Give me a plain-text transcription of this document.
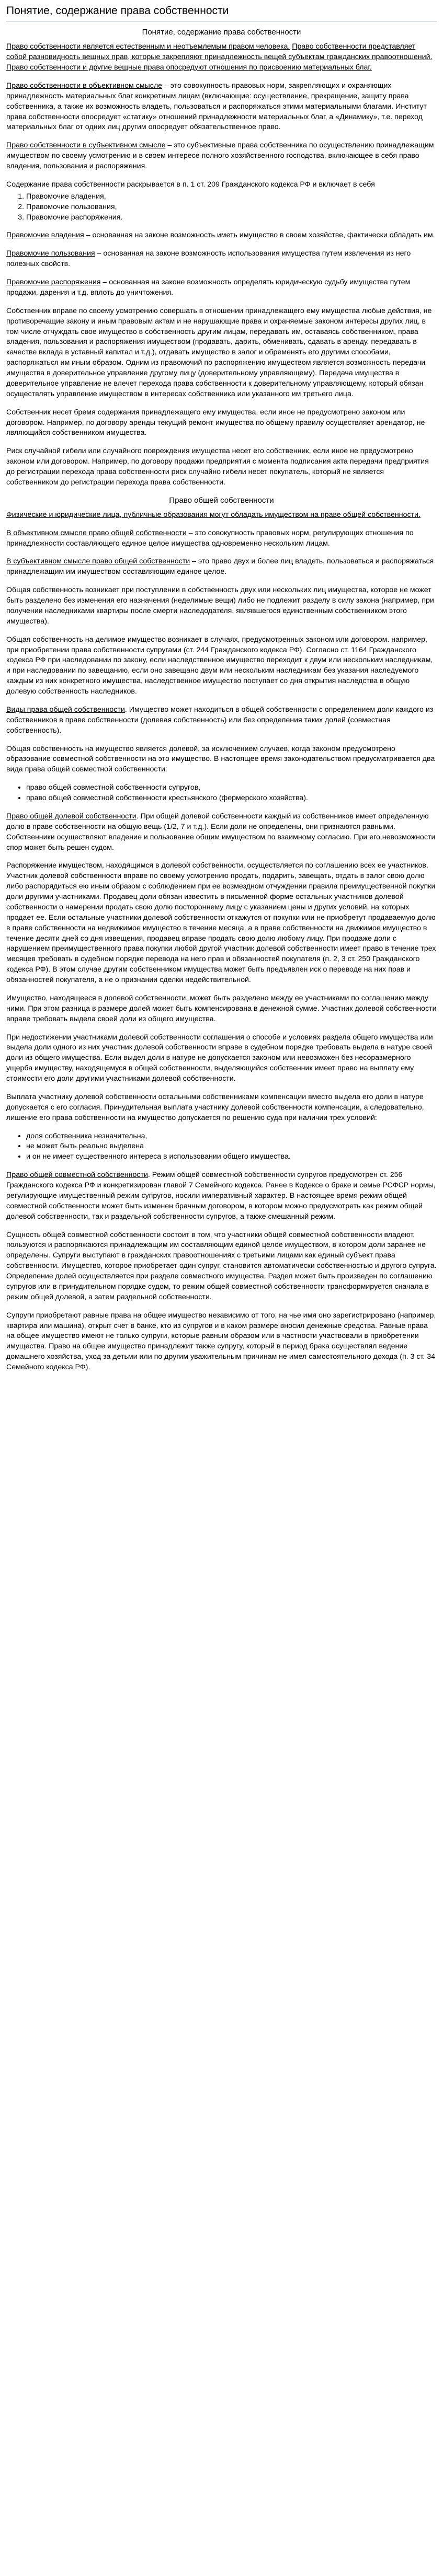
Понятие, содержание права собственности
Понятие, содержание права собственности

Право собственности является естественным и неотъемлемым правом человека. Право собственности представляет собой разновидность вещных прав, которые закрепляют принадлежность вещей субъектам гражданских правоотношений. Право собственности и другие вещные права опосредуют отношения по присвоению материальных благ.

Право собственности в объективном смысле – это совокупность правовых норм, закрепляющих и охраняющих принадлежность материальных благ конкретным лицам (включающие: осуществление, прекращение, защиту права собственника, а также их возможность владеть, пользоваться и распоряжаться этими материальными благами. Институт права собственности опосредует «статику» отношений принадлежности материальных благ, а «Динамику», т.е. переход материальных благ от одних лиц другим опосредует обязательственное право.

Право собственности в субъективном смысле – это субъективные права собственника по осуществлению принадлежащим имуществом по своему усмотрению и в своем интересе полного хозяйственного господства, включающее в себя право владения, пользования и распоряжения.

Содержание права собственности раскрывается в п. 1 ст. 209 Гражданского кодекса РФ и включает в себя

1. Правомочие владения,
2. Правомочие пользования,
3. Правомочие распоряжения.

Правомочие владения – основанная на законе возможность иметь имущество в своем хозяйстве, фактически обладать им.

Правомочие пользования – основанная на законе возможность использования имущества путем извлечения из него полезных свойств.

Правомочие распоряжения – основанная на законе возможность определять юридическую судьбу имущества путем продажи, дарения и т.д. вплоть до уничтожения.

Собственник вправе по своему усмотрению совершать в отношении принадлежащего ему имущества любые действия, не противоречащие закону и иным правовым актам и не нарушающие права и охраняемые законом интересы других лиц, в том числе отчуждать свое имущество в собственность другим лицам, передавать им, оставаясь собственником, права владения, пользования и распоряжения имуществом (продавать, дарить, обменивать, сдавать в аренду, передавать в качестве вклада в уставный капитал и т.д.), отдавать имущество в залог и обременять его другими способами, распоряжаться им иным образом. Одним из правомочий по распоряжению имуществом является возможность передачи имущества в доверительное управление другому лицу (доверительному управляющему). Передача имущества в доверительное управление не влечет перехода права собственности к доверительному управляющему, который обязан осуществлять управление имуществом в интересах собственника или указанного им третьего лица.

Собственник несет бремя содержания принадлежащего ему имущества, если иное не предусмотрено законом или договором. Например, по договору аренды текущий ремонт имущества по общему правилу осуществляет арендатор, не являющийся собственником имущества.

Риск случайной гибели или случайного повреждения имущества несет его собственник, если иное не предусмотрено законом или договором. Например, по договору продажи предприятия с момента подписания акта передачи предприятия до регистрации перехода права собственности риск случайно гибели несет покупатель, который не является собственником до регистрации перехода права собственности.

Право общей собственности

Физические и юридические лица, публичные образования могут обладать имуществом на праве общей собственности.

В объективном смысле право общей собственности – это совокупность правовых норм, регулирующих отношения по принадлежности составляющего единое целое имущества одновременно нескольким лицам.

В субъективном смысле право общей собственности – это право двух и более лиц владеть, пользоваться и распоряжаться принадлежащим им имуществом составляющим единое целое.

Общая собственность возникает при поступлении в собственность двух или нескольких лиц имущества, которое не может быть разделено без изменения его назначения (неделимые вещи) либо не подлежит разделу в силу закона (например, при получении наследниками квартиры после смерти наследодателя, являвшегося единственным собственником этого имущества).

Общая собственность на делимое имущество возникает в случаях, предусмотренных законом или договором. например, при приобретении права собственности супругами (ст. 244 Гражданского кодекса РФ). Согласно ст. 1164 Гражданского кодекса РФ при наследовании по закону, если наследственное имущество переходит к двум или нескольким наследникам, и при наследовании по завещанию, если оно завещано двум или нескольким наследникам без указания наследуемого каждым из них конкретного имущества, наследственное имущество поступает со дня открытия наследства в общую долевую собственность наследников.

Виды права общей собственности. Имущество может находиться в общей собственности с определением доли каждого из собственников в праве собственности (долевая собственность) или без определения таких долей (совместная собственность).

Общая собственность на имущество является долевой, за исключением случаев, когда законом предусмотрено образование совместной собственности на это имущество. В настоящее время законодательством предусматривается два вида права общей совместной собственности:

• право общей совместной собственности супругов,
• право общей совместной собственности крестьянского (фермерского хозяйства).

Право общей долевой собственности. При общей долевой собственности каждый из собственников имеет определенную долю в праве собственности на общую вещь (1/2, 7 и т.д.). Если доли не определены, они признаются равными. Собственники осуществляют владение и пользование общим имуществом по взаимному согласию. При его невозможности спор может быть решен судом.

Распоряжение имуществом, находящимся в долевой собственности, осуществляется по соглашению всех ее участников. Участник долевой собственности вправе по своему усмотрению продать, подарить, завещать, отдать в залог свою долю либо распорядиться ею иным образом с соблюдением при ее возмездном отчуждении правила преимущественной покупки доли другими участниками. Продавец доли обязан известить в письменной форме остальных участников долевой собственности о намерении продать свою долю постороннему лицу с указанием цены и других условий, на которых продает ее. Если остальные участники долевой собственности откажутся от покупки или не приобретут продаваемую долю в праве собственности на недвижимое имущество в течение месяца, а в праве собственности на движимое имущество в течение десяти дней со дня извещения, продавец вправе продать свою долю любому лицу. При продаже доли с нарушением преимущественного права покупки любой другой участник долевой собственности имеет право в течение трех месяцев требовать в судебном порядке перевода на него прав и обязанностей покупателя (п. 2, 3 ст. 250 Гражданского кодекса РФ). В этом случае другим собственником имущества может быть предъявлен иск о переводе на них прав и обязанностей покупателя, а не о признании сделки недействительной.

Имущество, находящееся в долевой собственности, может быть разделено между ее участниками по соглашению между ними. При этом разница в размере долей может быть компенсирована в денежной сумме. Участник долевой собственности вправе требовать выдела своей доли из общего имущества.

При недостижении участниками долевой собственности соглашения о способе и условиях раздела общего имущества или выдела доли одного из них участник долевой собственности вправе в судебном порядке требовать выдела в натуре своей доли из общего имущества. Если выдел доли в натуре не допускается законом или невозможен без несоразмерного ущерба имуществу, находящемуся в общей собственности, выделяющийся собственник имеет право на выплату ему стоимости его доли другими участниками долевой собственности.

Выплата участнику долевой собственности остальными собственниками компенсации вместо выдела его доли в натуре допускается с его согласия. Принудительная выплата участнику долевой собственности компенсации, а следовательно, лишение его права собственности на имущество допускается по решению суда при наличии трех условий:

• доля собственника незначительна,
• не может быть реально выделена
• и он не имеет существенного интереса в использовании общего имущества.

Право общей совместной собственности. Режим общей совместной собственности супругов предусмотрен ст. 256 Гражданского кодекса РФ и конкретизирован главой 7 Семейного кодекса. Ранее в Кодексе о браке и семье РСФСР нормы, регулирующие имущественный режим супругов, носили императивный характер. В настоящее время режим общей совместной собственности может быть изменен брачным договором, в котором можно предусмотреть как режим общей долевой собственности, так и раздельной собственности супругов, а также смешанный режим.

Сущность общей совместной собственности состоит в том, что участники общей совместной собственности владеют, пользуются и распоряжаются принадлежащим им составляющим единой целое имуществом, в котором доли заранее не определены. Супруги выступают в гражданских правоотношениях с третьими лицами как единый субъект права собственности. Имущество, которое приобретает один супруг, становится автоматически собственностью и другого супруга. Определение долей осуществляется при разделе совместного имущества. Раздел может быть произведен по соглашению супругов или в принудительном порядке судом, то режим общей совместной собственности трансформируется сначала в режим общей долевой, а затем раздельной собственности.

Супруги приобретают равные права на общее имущество независимо от того, на чье имя оно зарегистрировано (например, квартира или машина), открыт счет в банке, кто из супругов и в каком размере вносил денежные средства. Равные права на общее имущество имеют не только супруги, которые равным образом или в частности участвовали в приобретении имущества. Право на общее имущество принадлежит также супругу, который в период брака осуществлял ведение домашнего хозяйства, уход за детьми или по другим уважительным причинам не имел самостоятельного дохода (п. 3 ст. 34 Семейного кодекса РФ).
